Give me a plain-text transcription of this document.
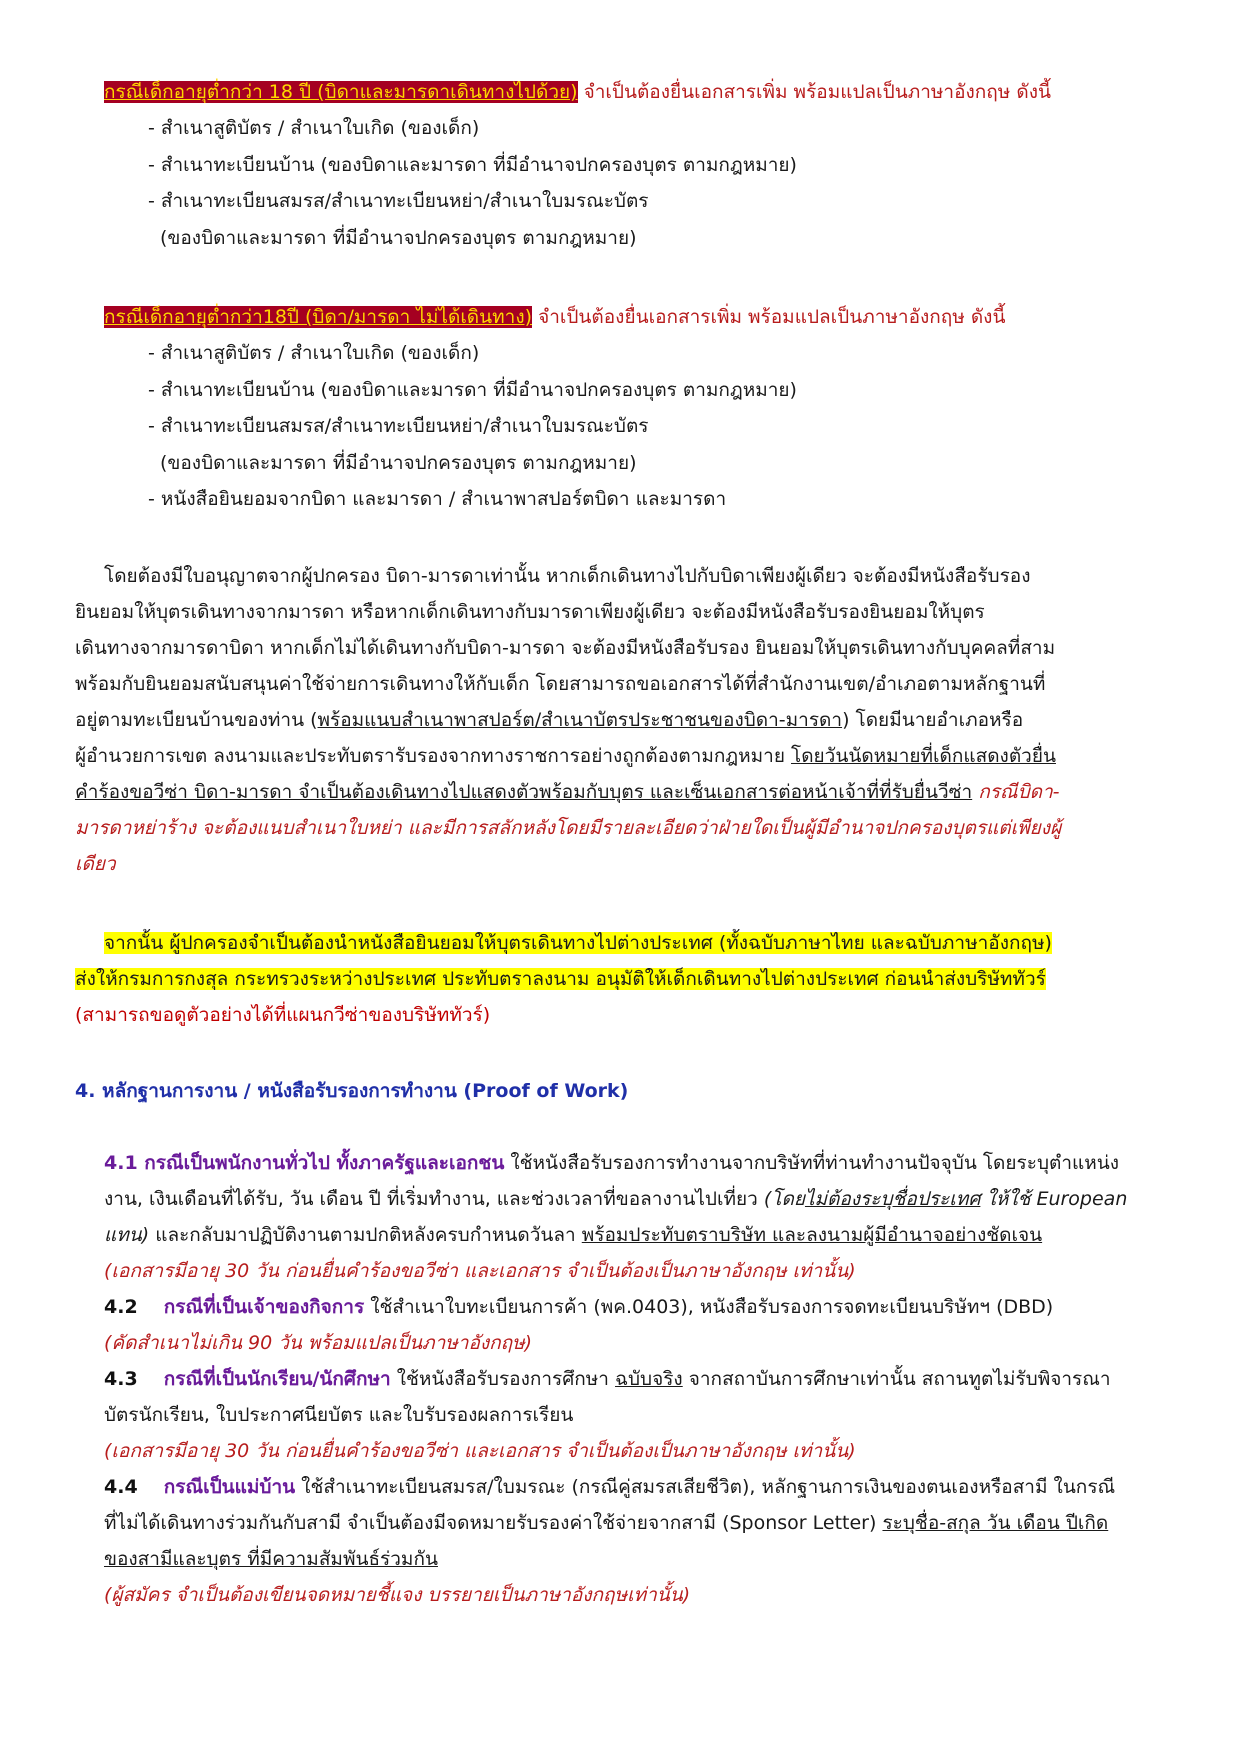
กรณีเด็กอายุต่ำกว่า 18 ปี (บิดาและมารดาเดินทางไปด้วย) จำเป็นต้องยื่นเอกสารเพิ่ม พร้อมแปลเป็นภาษาอังกฤษ ดังนี้
- สำเนาสูติบัตร / สำเนาใบเกิด (ของเด็ก)
- สำเนาทะเบียนบ้าน (ของบิดาและมารดา ที่มีอำนาจปกครองบุตร ตามกฎหมาย)
- สำเนาทะเบียนสมรส/สำเนาทะเบียนหย่า/สำเนาใบมรณะบัตร
(ของบิดาและมารดา ที่มีอำนาจปกครองบุตร ตามกฎหมาย)
กรณีเด็กอายุต่ำกว่า18ปี (บิดา/มารดา ไม่ได้เดินทาง) จำเป็นต้องยื่นเอกสารเพิ่ม พร้อมแปลเป็นภาษาอังกฤษ ดังนี้
- สำเนาสูติบัตร / สำเนาใบเกิด (ของเด็ก)
- สำเนาทะเบียนบ้าน (ของบิดาและมารดา ที่มีอำนาจปกครองบุตร ตามกฎหมาย)
- สำเนาทะเบียนสมรส/สำเนาทะเบียนหย่า/สำเนาใบมรณะบัตร
(ของบิดาและมารดา ที่มีอำนาจปกครองบุตร ตามกฎหมาย)
- หนังสือยินยอมจากบิดา และมารดา / สำเนาพาสปอร์ตบิดา และมารดา
โดยต้องมีใบอนุญาตจากผู้ปกครอง บิดา-มารดาเท่านั้น หากเด็กเดินทางไปกับบิดาเพียงผู้เดียว จะต้องมีหนังสือรับรอง
ยินยอมให้บุตรเดินทางจากมารดา หรือหากเด็กเดินทางกับมารดาเพียงผู้เดียว จะต้องมีหนังสือรับรองยินยอมให้บุตร
เดินทางจากมารดาบิดา หากเด็กไม่ได้เดินทางกับบิดา-มารดา จะต้องมีหนังสือรับรอง ยินยอมให้บุตรเดินทางกับบุคคลที่สาม
พร้อมกับยินยอมสนับสนุนค่าใช้จ่ายการเดินทางให้กับเด็ก โดยสามารถขอเอกสารได้ที่สำนักงานเขต/อำเภอตามหลักฐานที่
อยู่ตามทะเบียนบ้านของท่าน (พร้อมแนบสำเนาพาสปอร์ต/สำเนาบัตรประชาชนของบิดา-มารดา) โดยมีนายอำเภอหรือ
ผู้อำนวยการเขต ลงนามและประทับตรารับรองจากทางราชการอย่างถูกต้องตามกฎหมาย โดยวันนัดหมายที่เด็กแสดงตัวยื่น
คำร้องขอวีซ่า บิดา-มารดา จำเป็นต้องเดินทางไปแสดงตัวพร้อมกับบุตร และเซ็นเอกสารต่อหน้าเจ้าที่ที่รับยื่นวีซ่า กรณีบิดา-
มารดาหย่าร้าง จะต้องแนบสำเนาใบหย่า และมีการสลักหลังโดยมีรายละเอียดว่าฝ่ายใดเป็นผู้มีอำนาจปกครองบุตรแต่เพียงผู้
เดียว
จากนั้น ผู้ปกครองจำเป็นต้องนำหนังสือยินยอมให้บุตรเดินทางไปต่างประเทศ (ทั้งฉบับภาษาไทย และฉบับภาษาอังกฤษ)
ส่งให้กรมการกงสุล กระทรวงระหว่างประเทศ ประทับตราลงนาม อนุมัติให้เด็กเดินทางไปต่างประเทศ ก่อนนำส่งบริษัททัวร์
(สามารถขอดูตัวอย่างได้ที่แผนกวีซ่าของบริษัททัวร์)
4. หลักฐานการงาน / หนังสือรับรองการทำงาน (Proof of Work)
4.1 กรณีเป็นพนักงานทั่วไป ทั้งภาครัฐและเอกชน ใช้หนังสือรับรองการทำงานจากบริษัทที่ท่านทำงานปัจจุบัน โดยระบุตำแหน่ง
งาน, เงินเดือนที่ได้รับ, วัน เดือน ปี ที่เริ่มทำงาน, และช่วงเวลาที่ขอลางานไปเที่ยว (โดยไม่ต้องระบุชื่อประเทศ ให้ใช้ European
แทน) และกลับมาปฏิบัติงานตามปกติหลังครบกำหนดวันลา พร้อมประทับตราบริษัท และลงนามผู้มีอำนาจอย่างชัดเจน
(เอกสารมีอายุ 30 วัน ก่อนยื่นคำร้องขอวีซ่า และเอกสาร จำเป็นต้องเป็นภาษาอังกฤษ เท่านั้น)
4.2 กรณีที่เป็นเจ้าของกิจการ ใช้สำเนาใบทะเบียนการค้า (พค.0403), หนังสือรับรองการจดทะเบียนบริษัทฯ (DBD)
(คัดสำเนาไม่เกิน 90 วัน พร้อมแปลเป็นภาษาอังกฤษ)
4.3 กรณีที่เป็นนักเรียน/นักศึกษา ใช้หนังสือรับรองการศึกษา ฉบับจริง จากสถาบันการศึกษาเท่านั้น สถานทูตไม่รับพิจารณา
บัตรนักเรียน, ใบประกาศนียบัตร และใบรับรองผลการเรียน
(เอกสารมีอายุ 30 วัน ก่อนยื่นคำร้องขอวีซ่า และเอกสาร จำเป็นต้องเป็นภาษาอังกฤษ เท่านั้น)
4.4 กรณีเป็นแม่บ้าน ใช้สำเนาทะเบียนสมรส/ใบมรณะ (กรณีคู่สมรสเสียชีวิต), หลักฐานการเงินของตนเองหรือสามี ในกรณี
ที่ไม่ได้เดินทางร่วมกันกับสามี จำเป็นต้องมีจดหมายรับรองค่าใช้จ่ายจากสามี (Sponsor Letter) ระบุชื่อ-สกุล วัน เดือน ปีเกิด
ของสามีและบุตร ที่มีความสัมพันธ์ร่วมกัน
(ผู้สมัคร จำเป็นต้องเขียนจดหมายชี้แจง บรรยายเป็นภาษาอังกฤษเท่านั้น)
